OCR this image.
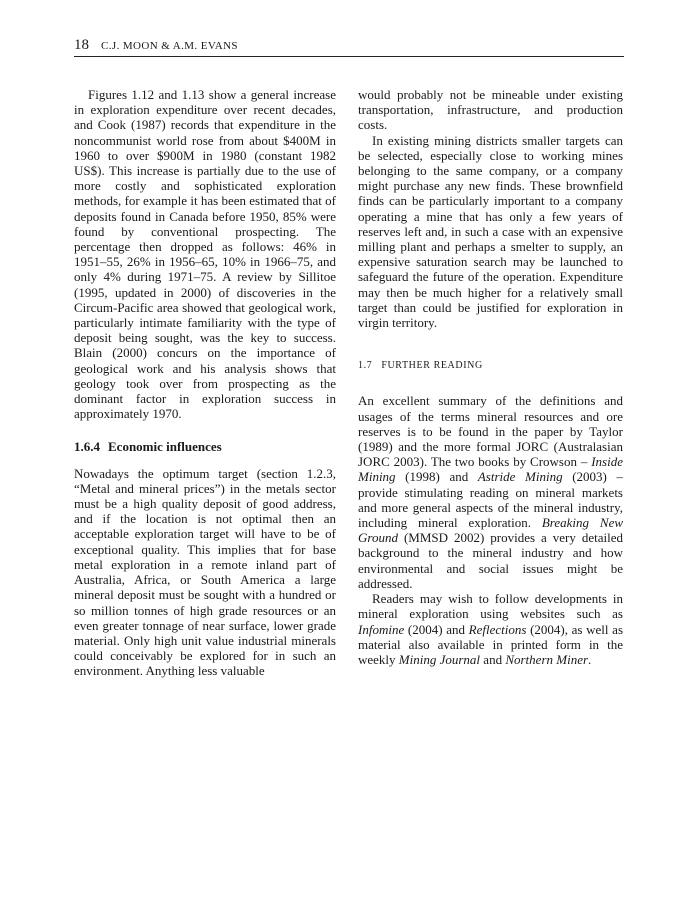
18 C.J. MOON & A.M. EVANS

Figures 1.12 and 1.13 show a general increase in exploration expenditure over recent decades, and Cook (1987) records that expenditure in the noncommunist world rose from about $400M in 1960 to over $900M in 1980 (constant 1982 US$). This increase is partially due to the use of more costly and sophisticated exploration methods, for example it has been estimated that of deposits found in Canada before 1950, 85% were found by conventional prospecting. The percentage then dropped as follows: 46% in 1951–55, 26% in 1956–65, 10% in 1966–75, and only 4% during 1971–75. A review by Sillitoe (1995, updated in 2000) of discoveries in the Circum-Pacific area showed that geological work, particularly intimate familiarity with the type of deposit being sought, was the key to success. Blain (2000) concurs on the importance of geological work and his analysis shows that geology took over from prospecting as the dominant factor in exploration success in approximately 1970.

1.6.4 Economic influences

Nowadays the optimum target (section 1.2.3, “Metal and mineral prices”) in the metals sector must be a high quality deposit of good address, and if the location is not optimal then an acceptable exploration target will have to be of exceptional quality. This implies that for base metal exploration in a remote inland part of Australia, Africa, or South America a large mineral deposit must be sought with a hundred or so million tonnes of high grade resources or an even greater tonnage of near surface, lower grade material. Only high unit value industrial minerals could conceivably be explored for in such an environment. Anything less valuable

would probably not be mineable under existing transportation, infrastructure, and production costs.

In existing mining districts smaller targets can be selected, especially close to working mines belonging to the same company, or a company might purchase any new finds. These brownfield finds can be particularly important to a company operating a mine that has only a few years of reserves left and, in such a case with an expensive milling plant and perhaps a smelter to supply, an expensive saturation search may be launched to safeguard the future of the operation. Expenditure may then be much higher for a relatively small target than could be justified for exploration in virgin territory.

1.7 FURTHER READING

An excellent summary of the definitions and usages of the terms mineral resources and ore reserves is to be found in the paper by Taylor (1989) and the more formal JORC (Australasian JORC 2003). The two books by Crowson – Inside Mining (1998) and Astride Mining (2003) – provide stimulating reading on mineral markets and more general aspects of the mineral industry, including mineral exploration. Breaking New Ground (MMSD 2002) provides a very detailed background to the mineral industry and how environmental and social issues might be addressed.

Readers may wish to follow developments in mineral exploration using websites such as Infomine (2004) and Reflections (2004), as well as material also available in printed form in the weekly Mining Journal and Northern Miner.
